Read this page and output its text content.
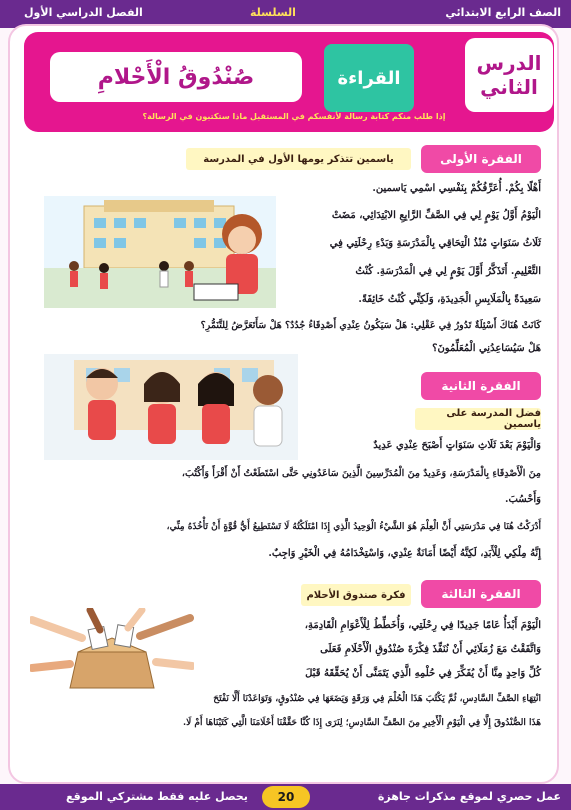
الصف الرابع الابتدائي
السلسلة
الفصل الدراسي الأول
الدرس
الثاني
القراءة
صُنْدُوقُ الْأَحْلامِ
إذا طلب منكم كتابة رسالة لأنفسكم في المستقبل ماذا ستكتبون في الرسالة؟
الفقرة الأولى
ياسمين تتذكر يومها الأول في المدرسة
أَهْلًا بِكُمْ. أُعَرِّفُكُمْ بِنَفْسِي اسْمِي يَاسمين.
الْيَوْمُ أَوَّلُ يَوْمٍ لِي فِي الصَّفِّ الرَّابِعِ الابْتِدَائِي، مَضَتْ
ثَلَاثُ سَنَوَاتٍ مُنْذُ الْتِحَاقِي بِالْمَدْرَسَةِ وَبَدْءِ رِحْلَتِي فِي
التَّعْلِيمِ. أَتَذَكَّرُ أَوَّلَ يَوْمٍ لِي فِي الْمَدْرَسَةِ. كُنْتُ
سَعِيدَةً بِالْمَلَابِسِ الْجَدِيدَةِ، وَلَكِنِّي كُنْتُ خَائِفَةً.
كَانَتْ هُنَاكَ أَسْئِلَةٌ تَدُورُ فِي عَقْلِي: هَلْ سَيَكُونُ عِنْدِي أَصْدِقَاءُ جُدُدٌ؟ هَلْ سَأَتَعَرَّضُ لِلتَّنَمُّرِ؟
هَلْ سَيُسَاعِدُنِي الْمُعَلِّمُونَ؟
الفقرة الثانية
فضل المدرسة على ياسمين
وَالْيَوْمَ بَعْدَ ثَلَاثِ سَنَوَاتٍ أَصْبَحَ عِنْدِي عَدِيدٌ
مِنَ الْأَصْدِقَاءِ بِالْمَدْرَسَةِ، وَعَدِيدٌ مِنَ الْمُدَرِّسِينَ الَّذِينَ سَاعَدُونِي حَتَّى اسْتَطَعْتُ أَنْ أَقْرَأَ وَأَكْتُبَ،
وَأَحْسُبَ.
أَدْرَكْتُ هُنَا فِي مَدْرَسَتِي أَنَّ الْعِلْمَ هُوَ الشَّيْءُ الْوَحِيدُ الَّذِي إِذَا امْتَلَكْتُهُ لَا تَسْتَطِيعُ أَيُّ قُوَّةٍ أَنْ تَأْخُذَهُ مِنِّي،
إِنَّهُ مِلْكِي لِلْأَبَدِ، لَكِنَّهُ أَيْضًا أَمَانَةٌ عِنْدِي، وَاسْتِخْدَامُهُ فِي الْخَيْرِ وَاجِبٌ.
الفقرة الثالثة
فكرة صندوق الأحلام
الْيَوْمَ أَبْدَأُ عَامًا جَدِيدًا فِي رِحْلَتِي، وَأُخَطِّطُ لِلْأَعْوَامِ الْقَادِمَةِ،
وَاتَّفَقْتُ مَعَ زُمَلَائِي أَنْ نُنَفِّذَ فِكْرَةَ صُنْدُوقِ الْأَحْلَامِ فَعَلَى
كُلِّ وَاحِدٍ مِنَّا أَنْ يُفَكِّرَ فِي حُلْمِهِ الَّذِي يَتَمَنَّى أَنْ يُحَقِّقَهُ قَبْلَ
انْتِهَاءِ الصَّفِّ السَّادِسِ، ثُمَّ يَكْتُبَ هَذَا الْحُلْمَ فِي وَرَقَةٍ وَيَضَعَهَا فِي صُنْدُوقٍ، وَتَوَاعَدْنَا أَلَّا نَفْتَحَ
هَذَا الصُّنْدُوقَ إِلَّا فِي الْيَوْمِ الْأَخِيرِ مِنَ الصَّفِّ السَّادِسِ؛ لِنَرَى إِذَا كُنَّا حَقَّقْنَا أَحْلَامَنَا الَّتِي كَتَبْنَاهَا أَمْ لَا.
عمل حصري لموقع مذكرات جاهزة
يحصل عليه فقط مشتركي الموقع	20
